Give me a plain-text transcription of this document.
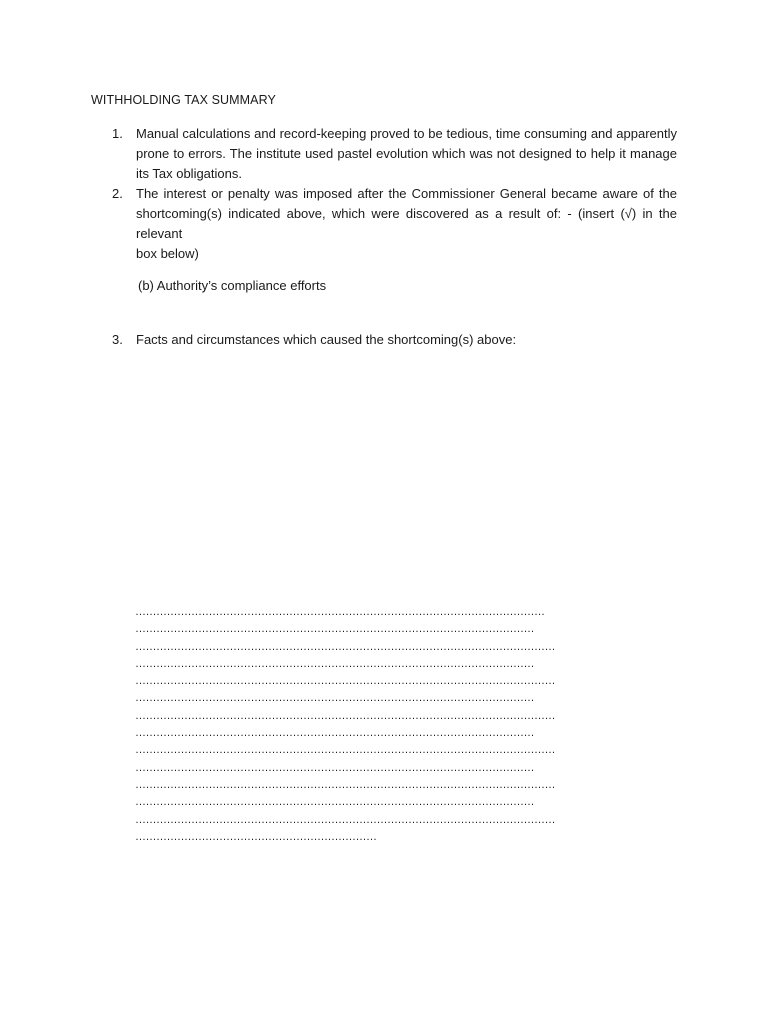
WITHHOLDING TAX SUMMARY
1. Manual calculations and record-keeping proved to be tedious, time consuming and apparently
prone to errors. The institute used pastel evolution which was not designed to help it manage
its Tax obligations.
2. The interest or penalty was imposed after the Commissioner General became aware of the
shortcoming(s) indicated above, which were discovered as a result of: - (insert (√) in the relevant
box below)
(b) Authority’s compliance efforts
3. Facts and circumstances which caused the shortcoming(s) above:
………………………………………………………………………………………………………
……………………………………………………………………………………………………
…………………………………………………………………………………………………………
……………………………………………………………………………………………………
…………………………………………………………………………………………………………
……………………………………………………………………………………………………
…………………………………………………………………………………………………………
……………………………………………………………………………………………………
…………………………………………………………………………………………………………
……………………………………………………………………………………………………
…………………………………………………………………………………………………………
……………………………………………………………………………………………………
…………………………………………………………………………………………………………
……………………………………………………………
